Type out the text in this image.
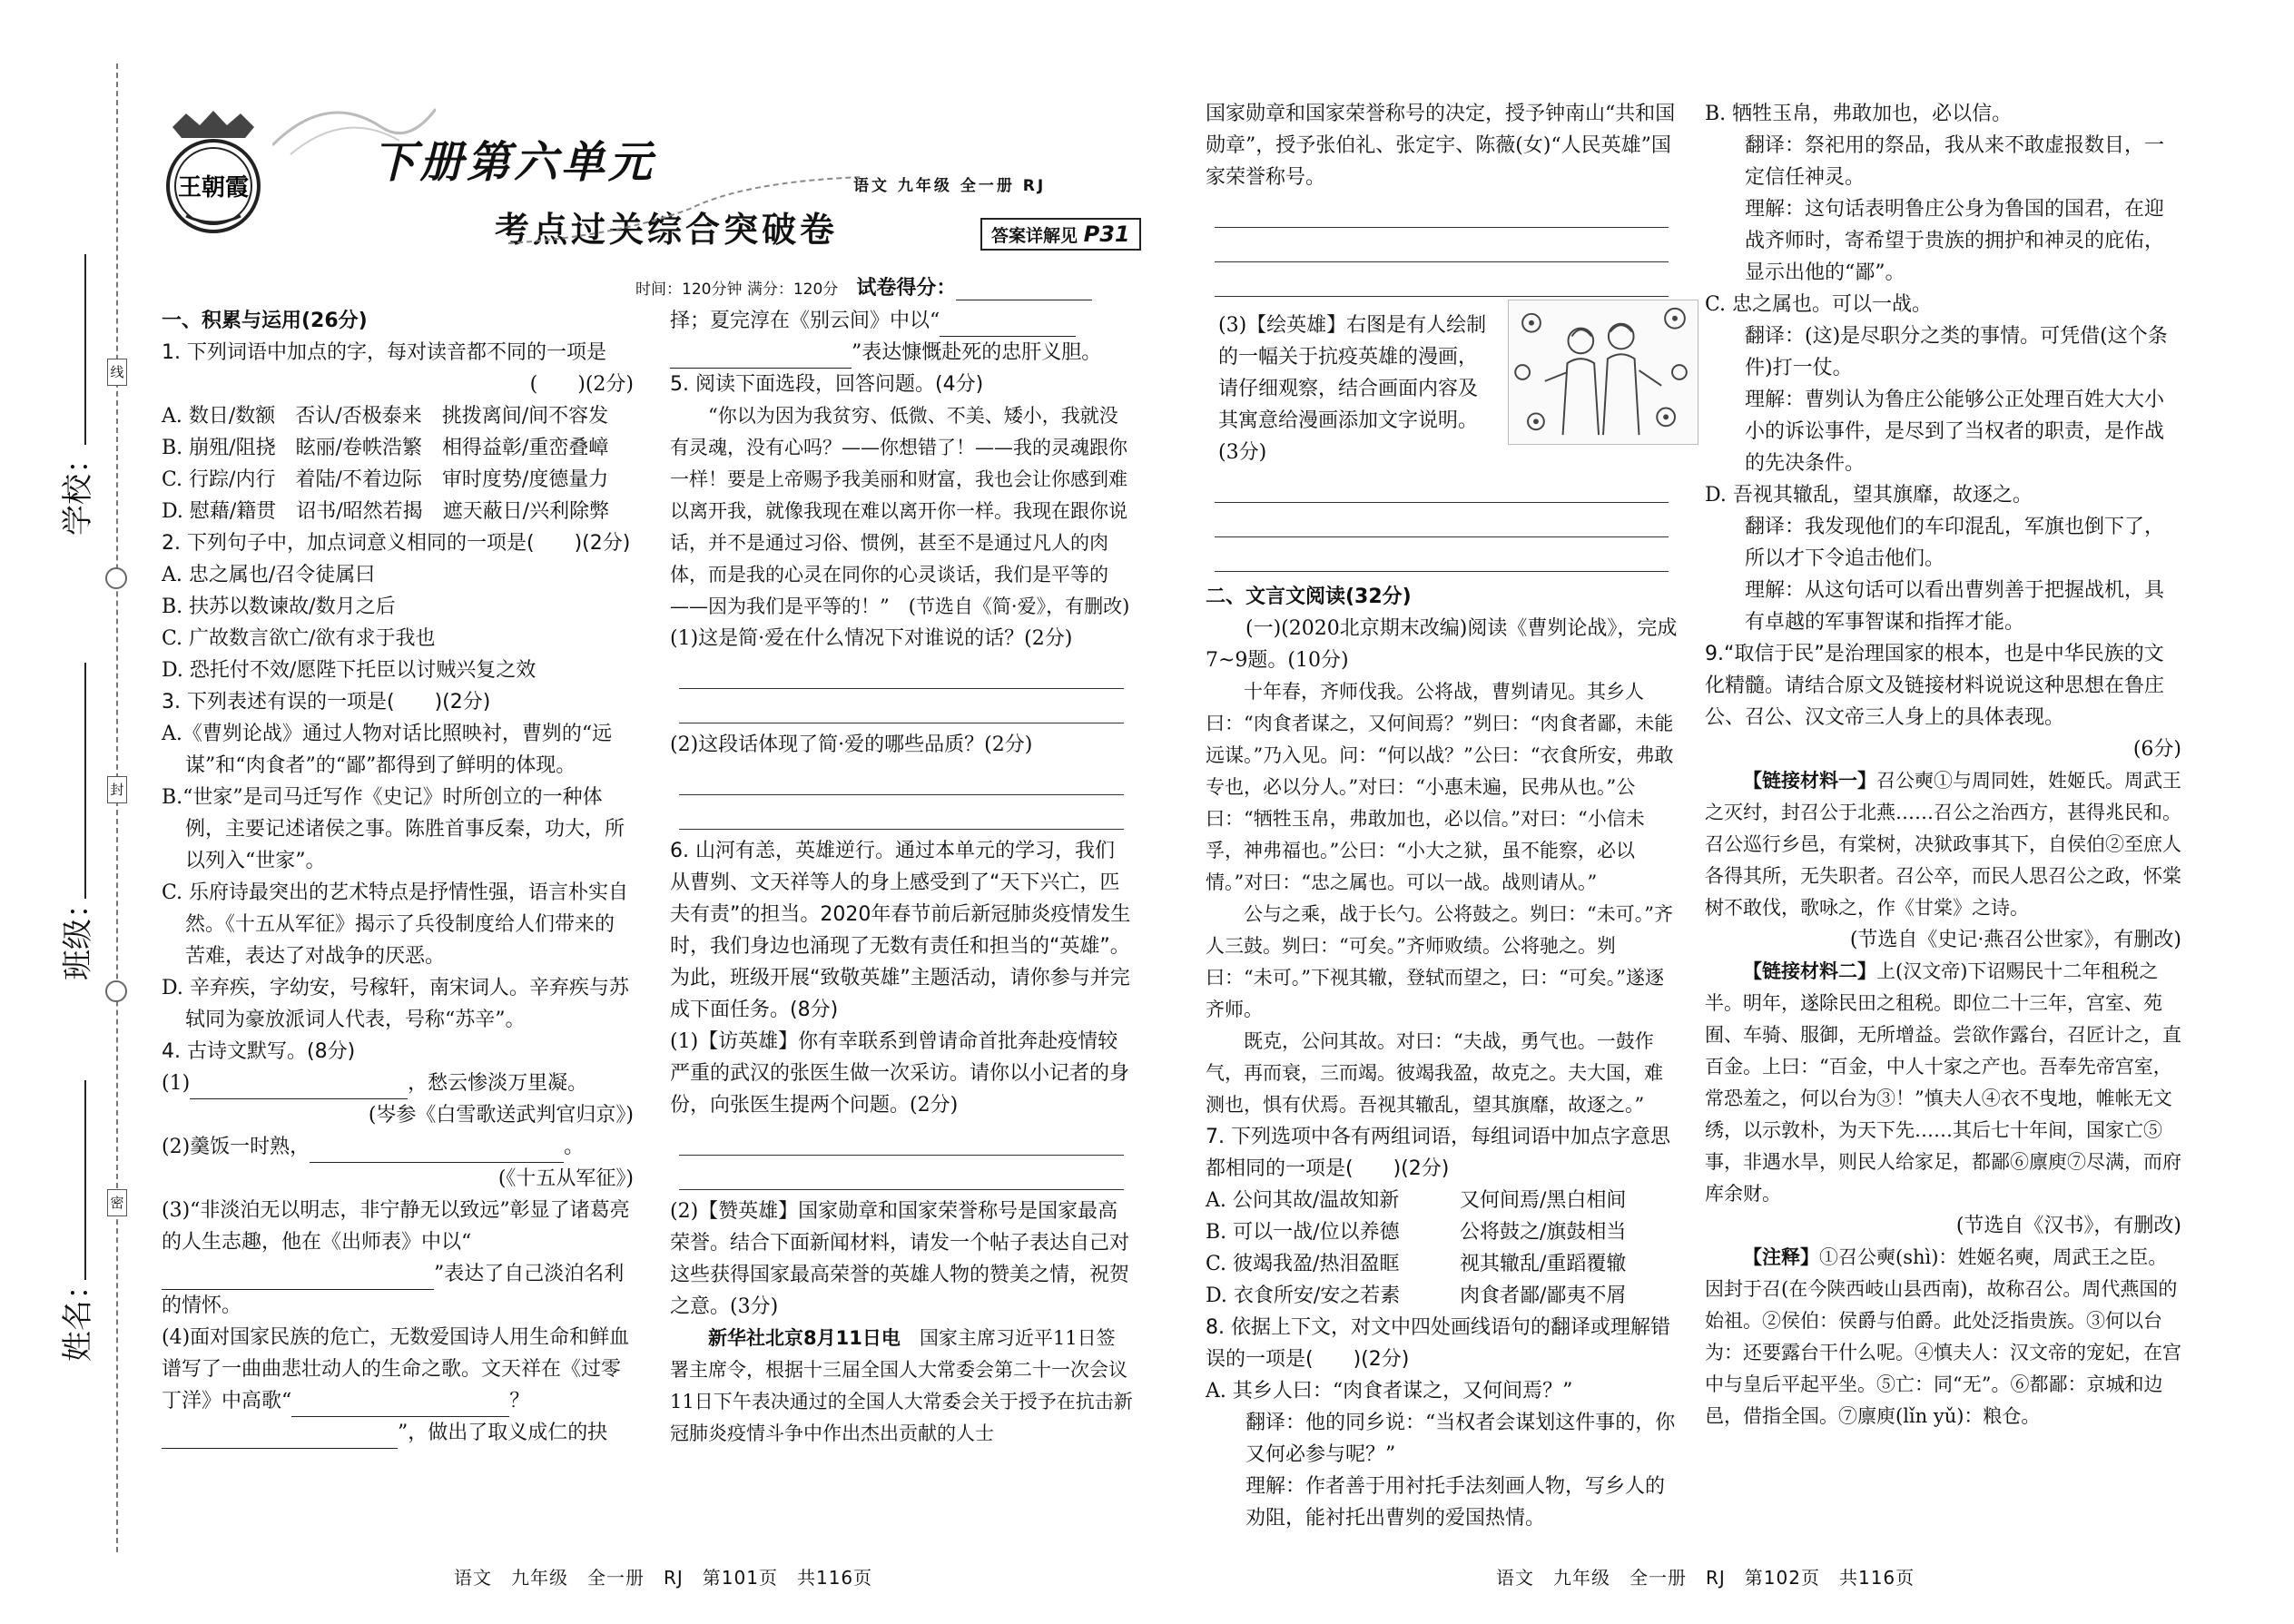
线
封
密
学校：
班级：
姓名：
王朝霞	下册第六单元
考点过关综合突破卷
语文 九年级 全一册 RJ
答案详解见 P31
时间：120分钟 满分：120分 试卷得分：

一、积累与运用(26分)

1. 下列词语中加点的字，每对读音都不同的一项是

(　　)(2分)

A. 数日/数额　否认/否极泰来　挑拨离间/间不容发

B. 崩殂/阻挠　眩丽/卷帙浩繁　相得益彰/重峦叠嶂

C. 行踪/内行　着陆/不着边际　审时度势/度德量力

D. 慰藉/籍贯　诏书/昭然若揭　遮天蔽日/兴利除弊

2. 下列句子中，加点词意义相同的一项是(　　)(2分)

A. 忠之属也/召令徒属曰

B. 扶苏以数谏故/数月之后

C. 广故数言欲亡/欲有求于我也

D. 恐托付不效/愿陛下托臣以讨贼兴复之效

3. 下列表述有误的一项是(　　)(2分)

A.《曹刿论战》通过人物对话比照映衬，曹刿的“远谋”和“肉食者”的“鄙”都得到了鲜明的体现。

B.“世家”是司马迁写作《史记》时所创立的一种体例，主要记述诸侯之事。陈胜首事反秦，功大，所以列入“世家”。

C. 乐府诗最突出的艺术特点是抒情性强，语言朴实自然。《十五从军征》揭示了兵役制度给人们带来的苦难，表达了对战争的厌恶。

D. 辛弃疾，字幼安，号稼轩，南宋词人。辛弃疾与苏轼同为豪放派词人代表，号称“苏辛”。

4. 古诗文默写。(8分)

(1)	，愁云惨淡万里凝。

(岑参《白雪歌送武判官归京》)

(2)羹饭一时熟，	。

(《十五从军征》)

(3)“非淡泊无以明志，非宁静无以致远”彰显了诸葛亮的人生志趣，他在《出师表》中以“”表达了自己淡泊名利的情怀。

(4)面对国家民族的危亡，无数爱国诗人用生命和鲜血谱写了一曲曲悲壮动人的生命之歌。文天祥在《过零丁洋》中高歌“	？”，做出了取义成仁的抉

择；夏完淳在《别云间》中以“

”表达慷慨赴死的忠肝义胆。

5. 阅读下面选段，回答问题。(4分)

“你以为因为我贫穷、低微、不美、矮小，我就没有灵魂，没有心吗？——你想错了！——我的灵魂跟你一样！要是上帝赐予我美丽和财富，我也会让你感到难以离开我，就像我现在难以离开你一样。我现在跟你说话，并不是通过习俗、惯例，甚至不是通过凡人的肉体，而是我的心灵在同你的心灵谈话，我们是平等的——因为我们是平等的！”　(节选自《简·爱》，有删改)

(1)这是简·爱在什么情况下对谁说的话？(2分)

(2)这段话体现了简·爱的哪些品质？(2分)

6. 山河有恙，英雄逆行。通过本单元的学习，我们从曹刿、文天祥等人的身上感受到了“天下兴亡，匹夫有责”的担当。2020年春节前后新冠肺炎疫情发生时，我们身边也涌现了无数有责任和担当的“英雄”。为此，班级开展“致敬英雄”主题活动，请你参与并完成下面任务。(8分)

(1)【访英雄】你有幸联系到曾请命首批奔赴疫情较严重的武汉的张医生做一次采访。请你以小记者的身份，向张医生提两个问题。(2分)

(2)【赞英雄】国家勋章和国家荣誉称号是国家最高荣誉。结合下面新闻材料，请发一个帖子表达自己对这些获得国家最高荣誉的英雄人物的赞美之情，祝贺之意。(3分)

新华社北京8月11日电　 国家主席习近平11日签署主席令，根据十三届全国人大常委会第二十一次会议11日下午表决通过的全国人大常委会关于授予在抗击新冠肺炎疫情斗争中作出杰出贡献的人士

语文　九年级　全一册　RJ　第101页　共116页

国家勋章和国家荣誉称号的决定，授予钟南山“共和国勋章”，授予张伯礼、张定宇、陈薇(女)“人民英雄”国家荣誉称号。

(3)【绘英雄】右图是有人绘制的一幅关于抗疫英雄的漫画，请仔细观察，结合画面内容及其寓意给漫画添加文字说明。(3分)

二、文言文阅读(32分)

(一)(2020北京期末改编)阅读《曹刿论战》，完成7~9题。(10分)

十年春，齐师伐我。公将战，曹刿请见。其乡人曰：“肉食者谋之，又何间焉？”刿曰：“肉食者鄙，未能远谋。”乃入见。问：“何以战？”公曰：“衣食所安，弗敢专也，必以分人。”对曰：“小惠未遍，民弗从也。”公曰：“牺牲玉帛，弗敢加也，必以信。”对曰：“小信未孚，神弗福也。”公曰：“小大之狱，虽不能察，必以情。”对曰：“忠之属也。可以一战。战则请从。”

公与之乘，战于长勺。公将鼓之。刿曰：“未可。”齐人三鼓。刿曰：“可矣。”齐师败绩。公将驰之。刿曰：“未可。”下视其辙，登轼而望之，曰：“可矣。”遂逐齐师。

既克，公问其故。对曰：“夫战，勇气也。一鼓作气，再而衰，三而竭。彼竭我盈，故克之。夫大国，难测也，惧有伏焉。吾视其辙乱，望其旗靡，故逐之。”

7. 下列选项中各有两组词语，每组词语中加点字意思都相同的一项是(　　)(2分)

A. 公问其故/温故知新	又何间焉/黑白相间

B. 可以一战/位以养德	公将鼓之/旗鼓相当

C. 彼竭我盈/热泪盈眶	视其辙乱/重蹈覆辙

D. 衣食所安/安之若素	肉食者鄙/鄙夷不屑

8. 依据上下文，对文中四处画线语句的翻译或理解错误的一项是(　　)(2分)

A. 其乡人曰：“肉食者谋之，又何间焉？”

翻译：他的同乡说：“当权者会谋划这件事的，你又何必参与呢？”

理解：作者善于用衬托手法刻画人物，写乡人的劝阻，能衬托出曹刿的爱国热情。

B. 牺牲玉帛，弗敢加也，必以信。

翻译：祭祀用的祭品，我从来不敢虚报数目，一定信任神灵。

理解：这句话表明鲁庄公身为鲁国的国君，在迎战齐师时，寄希望于贵族的拥护和神灵的庇佑，显示出他的“鄙”。

C. 忠之属也。可以一战。

翻译：(这)是尽职分之类的事情。可凭借(这个条件)打一仗。

理解：曹刿认为鲁庄公能够公正处理百姓大大小小的诉讼事件，是尽到了当权者的职责，是作战的先决条件。

D. 吾视其辙乱，望其旗靡，故逐之。

翻译：我发现他们的车印混乱，军旗也倒下了，所以才下令追击他们。

理解：从这句话可以看出曹刿善于把握战机，具有卓越的军事智谋和指挥才能。

9.“取信于民”是治理国家的根本，也是中华民族的文化精髓。请结合原文及链接材料说说这种思想在鲁庄公、召公、汉文帝三人身上的具体表现。

(6分)

【链接材料一】召公奭①与周同姓，姓姬氏。周武王之灭纣，封召公于北燕……召公之治西方，甚得兆民和。召公巡行乡邑，有棠树，决狱政事其下，自侯伯②至庶人各得其所，无失职者。召公卒，而民人思召公之政，怀棠树不敢伐，歌咏之，作《甘棠》之诗。

(节选自《史记·燕召公世家》，有删改)

【链接材料二】上(汉文帝)下诏赐民十二年租税之半。明年，遂除民田之租税。即位二十三年，宫室、苑囿、车骑、服御，无所增益。尝欲作露台，召匠计之，直百金。上曰：“百金，中人十家之产也。吾奉先帝宫室，常恐羞之，何以台为③！”慎夫人④衣不曳地，帷帐无文绣，以示敦朴，为天下先……其后七十年间，国家亡⑤事，非遇水旱，则民人给家足，都鄙⑥廪庾⑦尽满，而府库余财。

(节选自《汉书》，有删改)

【注释】①召公奭(shì)：姓姬名奭，周武王之臣。因封于召(在今陕西岐山县西南)，故称召公。周代燕国的始祖。②侯伯：侯爵与伯爵。此处泛指贵族。③何以台为：还要露台干什么呢。④慎夫人：汉文帝的宠妃，在宫中与皇后平起平坐。⑤亡：同“无”。⑥都鄙：京城和边邑，借指全国。⑦廪庾(lǐn yǔ)：粮仓。

语文　九年级　全一册　RJ　第102页　共116页
